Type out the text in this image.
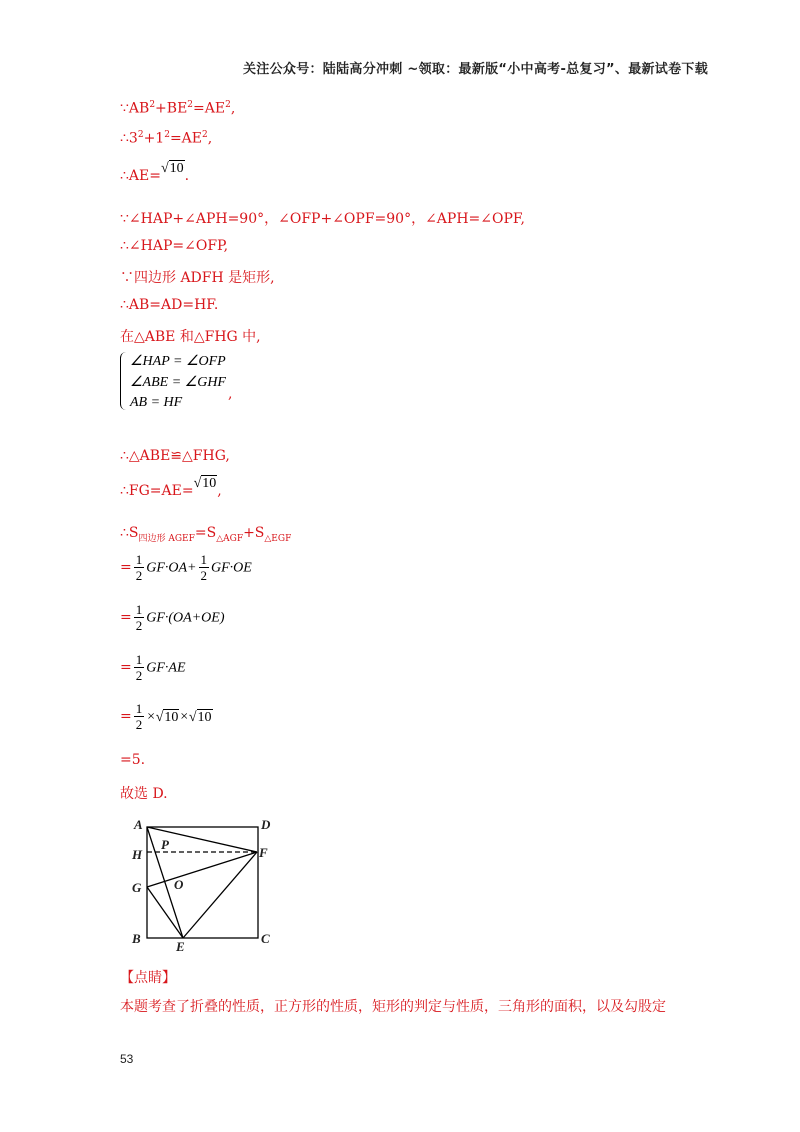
关注公众号：陆陆高分冲刺 ~领取：最新版“小中高考-总复习”、最新试卷下载
$\because AB^2+BE^2=AE^2$,
$\therefore 3^2+1^2=AE^2$,
∴AE=√10.
∵∠HAP+∠APH=90°，∠OFP+∠OPF=90°，∠APH=∠OPF,
∴∠HAP=∠OFP,
∵四边形 ADFH 是矩形,
∴AB=AD=HF.
在△ABE 和△FHG 中,
∠HAP = ∠OFP
∠ABE = ∠GHF
AB = HF
,
∴△ABE≌△FHG,
∴FG=AE=√10,
$\therefore S_{四边形 AGEF}=S_{\triangle AGF}+S_{\triangle EGF}$
= $\frac{1}{2} GF\cdot OA+ \frac{1}{2} GF\cdot OE$
= $\frac{1}{2} GF\cdot(OA+OE)$
= $\frac{1}{2} GF\cdot AE$
= $\frac{1}{2} \times√10\times√10$
=5.
故选 D.
A	D
H
P
F
G	O
B
E
C
【点睛】
本题考查了折叠的性质，正方形的性质，矩形的判定与性质，三角形的面积，以及勾股定
53
